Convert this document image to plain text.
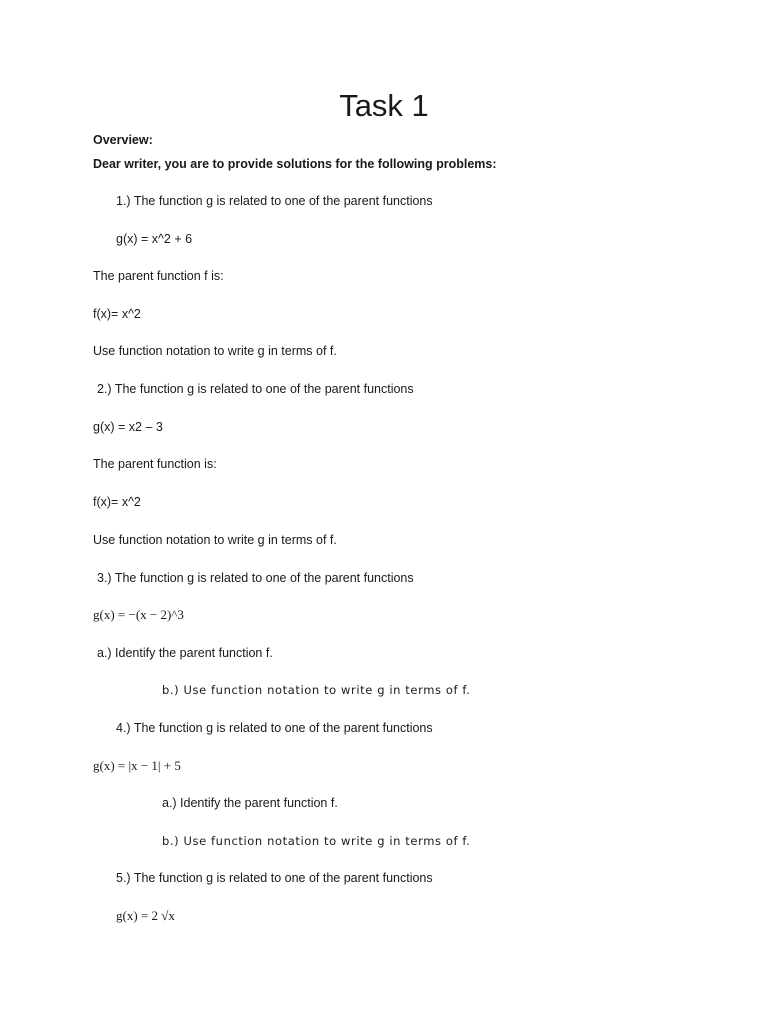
Task 1
Overview:
Dear writer, you are to provide solutions for the following problems:
1.) The function g is related to one of the parent functions
g(x) = x^2 + 6
The parent function f is:
f(x)= x^2
Use function notation to write g in terms of f.
2.) The function g is related to one of the parent functions
g(x) = x2 – 3
The parent function is:
f(x)= x^2
Use function notation to write g in terms of f.
3.) The function g is related to one of the parent functions
g(x) = −(x − 2)^3
a.) Identify the parent function f.
b.) Use function notation to write g in terms of f.
4.) The function g is related to one of the parent functions
g(x) = |x − 1| + 5
a.) Identify the parent function f.
b.) Use function notation to write g in terms of f.
5.) The function g is related to one of the parent functions
g(x) = 2 √x
